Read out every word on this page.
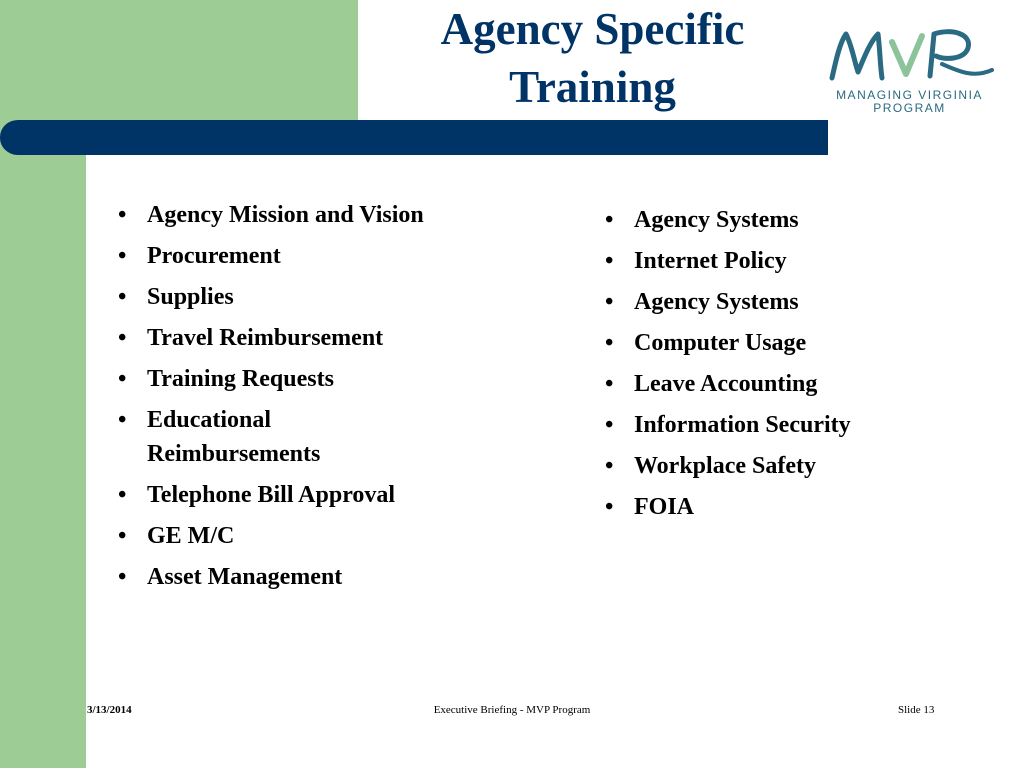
Agency Specific
Training	MANAGING VIRGINIA
PROGRAM
• Agency Mission and Vision
• Procurement
• Supplies
• Travel Reimbursement
• Training Requests
• Educational Reimbursements
• Telephone Bill Approval
• GE M/C
• Asset Management
• Agency Systems
• Internet Policy
• Agency Systems
• Computer Usage
• Leave Accounting
• Information Security
• Workplace Safety
• FOIA
3/13/2014	Executive Briefing - MVP Program	Slide 13
